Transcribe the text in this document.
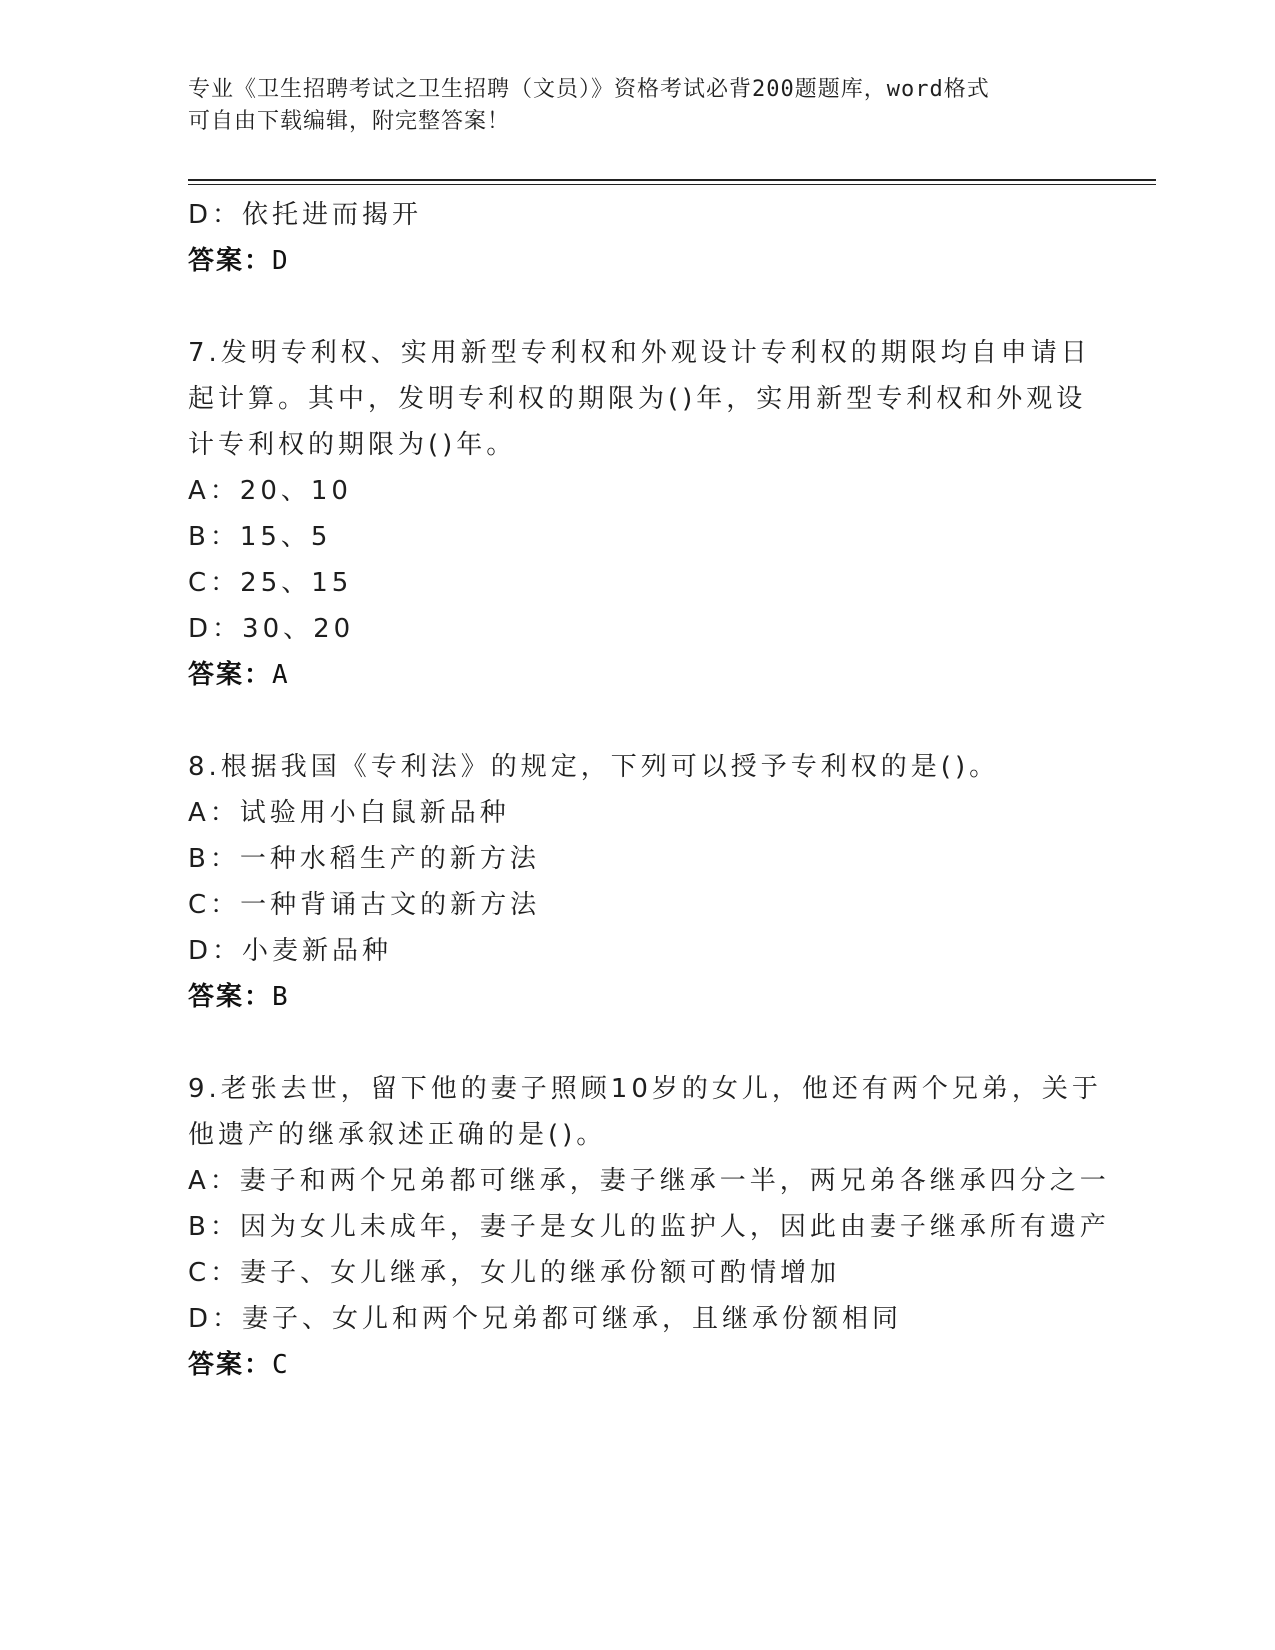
专业《卫生招聘考试之卫生招聘（文员）》资格考试必背200题题库，word格式
可自由下载编辑，附完整答案！
D：依托进而揭开
答案：D
7.发明专利权、实用新型专利权和外观设计专利权的期限均自申请日
起计算。其中，发明专利权的期限为()年，实用新型专利权和外观设
计专利权的期限为()年。
A：20、10
B：15、5
C：25、15
D：30、20
答案：A
8.根据我国《专利法》的规定，下列可以授予专利权的是()。
A：试验用小白鼠新品种
B：一种水稻生产的新方法
C：一种背诵古文的新方法
D：小麦新品种
答案：B
9.老张去世，留下他的妻子照顾10岁的女儿，他还有两个兄弟，关于
他遗产的继承叙述正确的是()。
A：妻子和两个兄弟都可继承，妻子继承一半，两兄弟各继承四分之一
B：因为女儿未成年，妻子是女儿的监护人，因此由妻子继承所有遗产
C：妻子、女儿继承，女儿的继承份额可酌情增加
D：妻子、女儿和两个兄弟都可继承，且继承份额相同
答案：C
